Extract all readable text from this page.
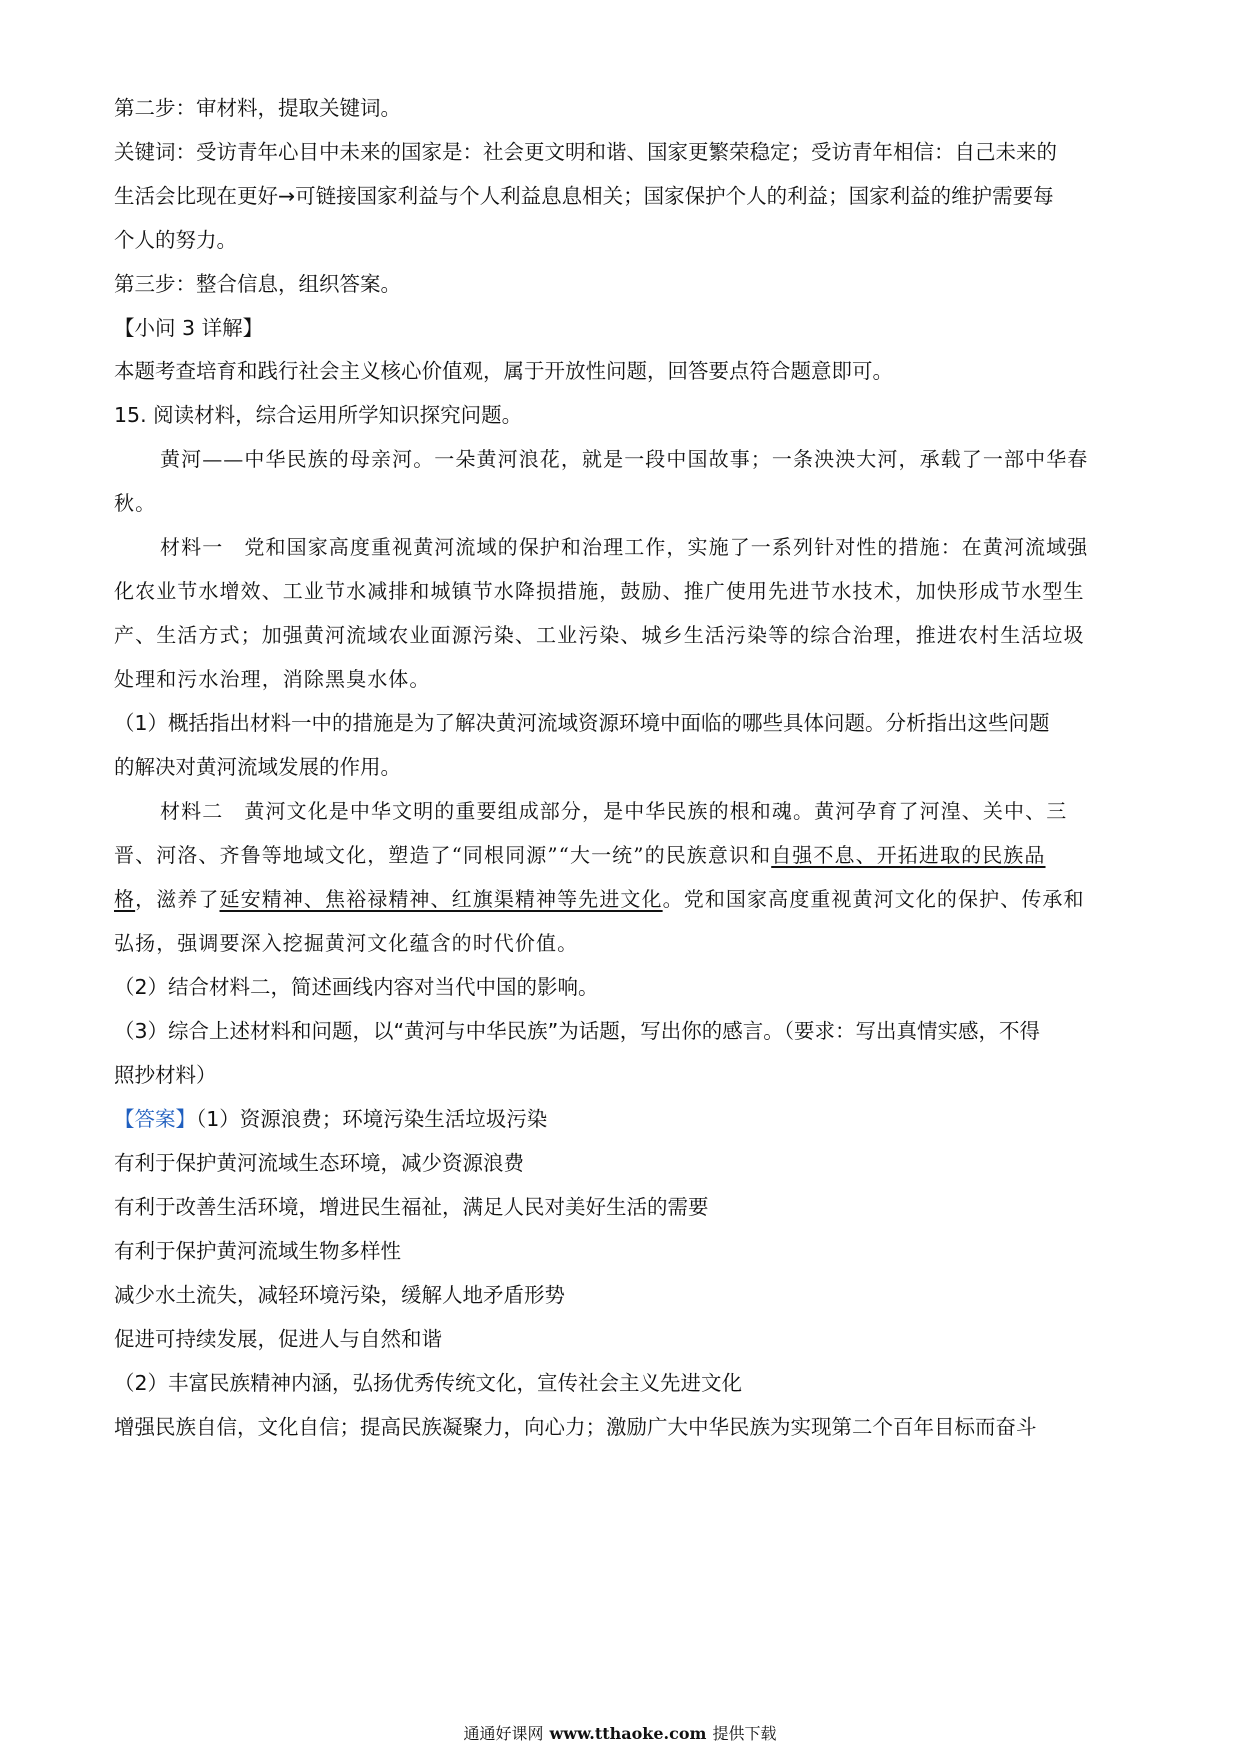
第二步：审材料，提取关键词。
关键词：受访青年心目中未来的国家是：社会更文明和谐、国家更繁荣稳定；受访青年相信：自己未来的
生活会比现在更好→可链接国家利益与个人利益息息相关；国家保护个人的利益；国家利益的维护需要每
个人的努力。
第三步：整合信息，组织答案。
【小问 3 详解】
本题考查培育和践行社会主义核心价值观，属于开放性问题，回答要点符合题意即可。
15. 阅读材料，综合运用所学知识探究问题。
黄河——中华民族的母亲河。一朵黄河浪花，就是一段中国故事；一条泱泱大河，承载了一部中华春
秋。
材料一　党和国家高度重视黄河流域的保护和治理工作，实施了一系列针对性的措施：在黄河流域强
化农业节水增效、工业节水减排和城镇节水降损措施，鼓励、推广使用先进节水技术，加快形成节水型生
产、生活方式；加强黄河流域农业面源污染、工业污染、城乡生活污染等的综合治理，推进农村生活垃圾
处理和污水治理，消除黑臭水体。
（1）概括指出材料一中的措施是为了解决黄河流域资源环境中面临的哪些具体问题。分析指出这些问题
的解决对黄河流域发展的作用。
材料二　黄河文化是中华文明的重要组成部分，是中华民族的根和魂。黄河孕育了河湟、关中、三
晋、河洛、齐鲁等地域文化，塑造了“同根同源”“大一统”的民族意识和自强不息、开拓进取的民族品
格，滋养了延安精神、焦裕禄精神、红旗渠精神等先进文化。党和国家高度重视黄河文化的保护、传承和
弘扬，强调要深入挖掘黄河文化蕴含的时代价值。
（2）结合材料二，简述画线内容对当代中国的影响。
（3）综合上述材料和问题，以“黄河与中华民族”为话题，写出你的感言。（要求：写出真情实感，不得
照抄材料）
【答案】（1）资源浪费；环境污染生活垃圾污染
有利于保护黄河流域生态环境，减少资源浪费
有利于改善生活环境，增进民生福祉，满足人民对美好生活的需要
有利于保护黄河流域生物多样性
减少水土流失，减轻环境污染，缓解人地矛盾形势
促进可持续发展，促进人与自然和谐
（2）丰富民族精神内涵，弘扬优秀传统文化，宣传社会主义先进文化
增强民族自信，文化自信；提高民族凝聚力，向心力；激励广大中华民族为实现第二个百年目标而奋斗
通通好课网 www.tthaoke.com 提供下载
